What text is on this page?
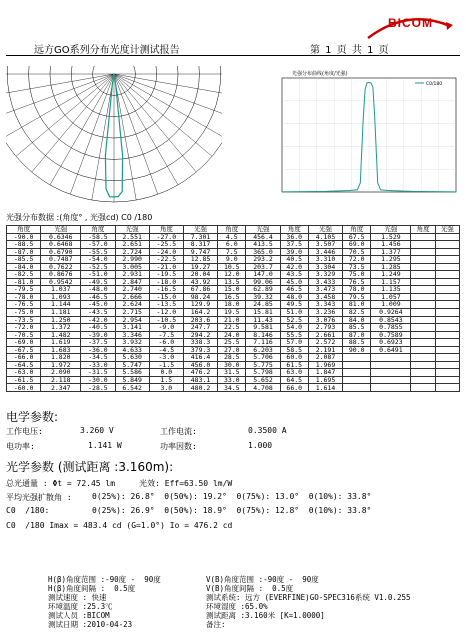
BICOM
远方GO系列分布光度计测试报告	第 1 页 共 1 页
光强分布曲线(角度/光强)
C0/180
光强分布数据 :(角度° , 光强cd) C0 /180
角度	光强	角度	光强	角度	光强	角度	光强	角度	光强	角度	光强	角度	光强
-90.0	0.6346	-58.5	2.551	-27.0	7.301	4.5	456.4	36.0	4.105	67.5	1.529		
-88.5	0.6468	-57.0	2.651	-25.5	8.317	6.0	413.5	37.5	3.507	69.0	1.456		
-87.0	0.6790	-55.5	2.724	-24.0	9.747	7.5	365.0	39.0	3.446	70.5	1.377		
-85.5	0.7487	-54.0	2.990	-22.5	12.85	9.0	293.2	40.5	3.310	72.0	1.295		
-84.0	0.7622	-52.5	3.005	-21.0	19.27	10.5	203.7	42.0	3.304	73.5	1.285		
-82.5	0.8676	-51.0	2.931	-19.5	20.04	12.0	147.0	43.5	3.329	75.0	1.249		
-81.0	0.9542	-49.5	2.847	-18.0	43.92	13.5	99.06	45.0	3.433	76.5	1.157		
-79.5	1.037	-48.0	2.740	-16.5	67.86	15.0	62.89	46.5	3.473	78.0	1.135		
-78.0	1.093	-46.5	2.666	-15.0	98.24	16.5	39.32	48.0	3.458	79.5	1.057		
-76.5	1.144	-45.0	2.624	-13.5	129.9	18.0	24.85	49.5	3.343	81.0	1.009		
-75.0	1.181	-43.5	2.715	-12.0	164.2	19.5	15.81	51.0	3.236	82.5	0.9264		
-73.5	1.250	-42.0	2.954	-10.5	203.6	21.0	11.43	52.5	3.076	84.0	0.8543		
-72.0	1.372	-40.5	3.141	-9.0	247.7	22.5	9.581	54.0	2.793	85.5	0.7855		
-70.5	1.482	-39.0	3.346	-7.5	294.2	24.0	8.146	55.5	2.661	87.0	0.7589		
-69.0	1.619	-37.5	3.932	-6.0	338.3	25.5	7.116	57.0	2.572	88.5	0.6923		
-67.5	1.683	-36.0	4.633	-4.5	379.3	27.0	6.203	58.5	2.191	90.0	0.6491		
-66.0	1.820	-34.5	5.630	-3.0	416.4	28.5	5.706	60.0	2.087				
-64.5	1.972	-33.0	5.747	-1.5	456.0	30.0	5.775	61.5	1.969				
-63.0	2.090	-31.5	5.586	0.0	476.2	31.5	5.798	63.0	1.847				
-61.5	2.118	-30.0	5.849	1.5	483.1	33.0	5.652	64.5	1.695				
-60.0	2.347	-28.5	6.542	3.0	480.2	34.5	4.708	66.0	1.614				
电学参数:
工作电压:	3.260 V	工作电流:	0.3500 A
电功率:	1.141 W	功率因数:	1.000
光学参数 (测试距离 :3.160m):
总光通量 : Φt = 72.45 lm     光效: Eff=63.50 lm/W
平均光强扩散角 :	θ(25%): 26.8°  θ(50%): 19.2°  θ(75%): 13.0°  θ(10%): 33.8°
C0  /180:	θ(25%): 26.9°  θ(50%): 18.9°  θ(75%): 12.8°  θ(10%): 33.8°
C0  /180 Imax = 483.4 cd (G=1.0°) Io = 476.2 cd
H(β)角度范围 :-90度 -  90度
H(β)角度间隔 :  0.5度
测试速度 : 快速
环境温度 :25.3℃
测试人员 :BICOM
测试日期 :2010-04-23
V(B)角度范围 :-90度 -  90度
V(B)角度间隔 :  0.5度
测试系统: 远方 (EVERFINE)GO-SPEC316系统 V1.0.255
环境湿度 :65.0%
测试距离 :3.160米 [K=1.0000]
备注:
